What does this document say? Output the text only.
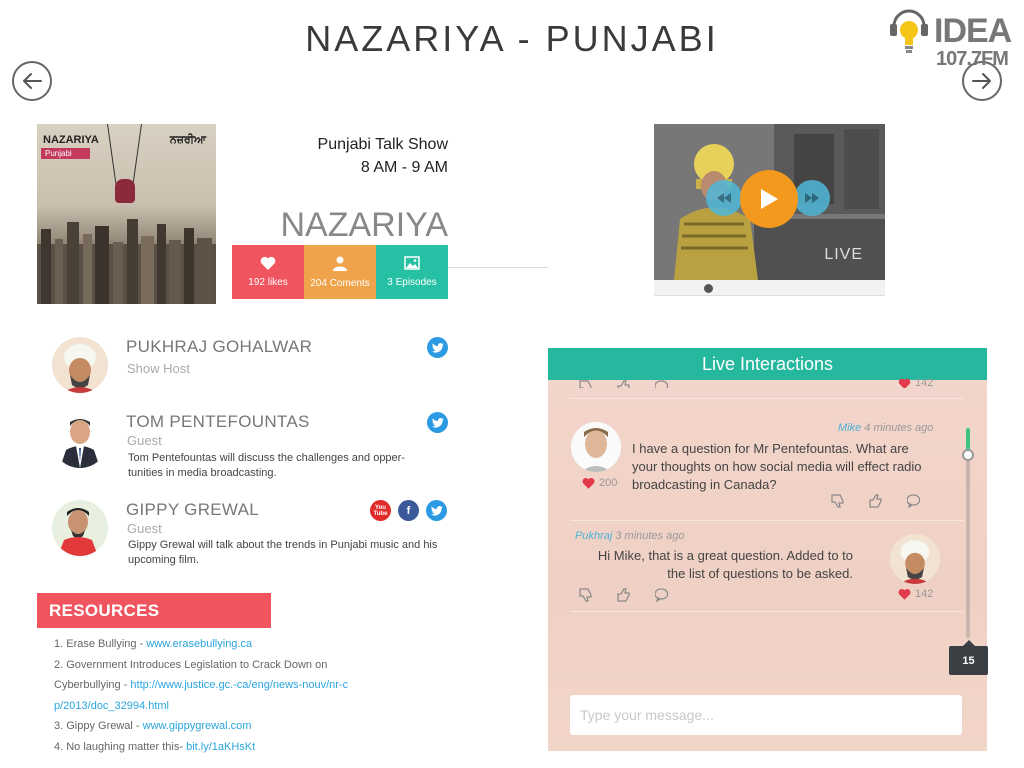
NAZARIYA - PUNJABI	IDEA
107.7FM
NAZARIYA
Punjabi
ਨਜ਼ਰੀਆ	Punjabi Talk Show
8 AM - 9 AM
NAZARIYA
192 likes 204 Coments 3 Episodes
LIVE
PUKHRAJ GOHALWAR
Show Host
TOM PENTEFOUNTAS
Guest
Tom Pentefountas will discuss the challenges and opper-tunities in media broadcasting.
GIPPY GREWAL
Guest
Gippy Grewal will talk about the trends in Punjabi music and his upcoming film.
You Tube	f
RESOURCES
1. Erase Bullying - www.erasebullying.ca
2. Government Introduces Legislation to Crack Down on Cyberbullying - http://www.justice.gc.-ca/eng/news-nouv/nr-cp/2013/doc_32994.html
3. Gippy Grewal - www.gippygrewal.com
4. No laughing matter this- bit.ly/1aKHsKt
Live Interactions
142
Mike 4 minutes ago
I have a question for Mr Pentefountas. What are your thoughts on how social media will effect radio broadcasting in Canada?
200
Pukhraj 3 minutes ago
Hi Mike, that is a great question. Added to to the list of questions to be asked.
142
15
Type your message...
